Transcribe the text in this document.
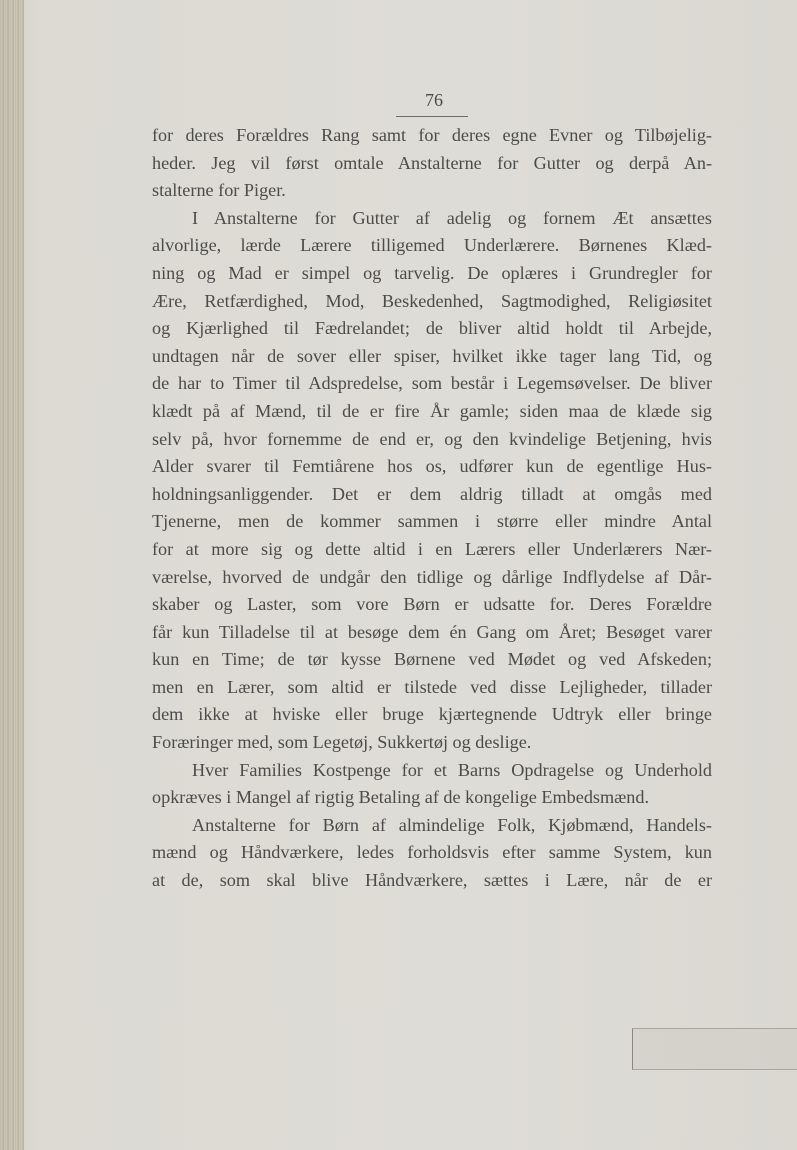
76
for deres Forældres Rang samt for deres egne Evner og Tilbøjelig-
heder. Jeg vil først omtale Anstalterne for Gutter og derpå An-
stalterne for Piger.
I Anstalterne for Gutter af adelig og fornem Æt ansættes
alvorlige, lærde Lærere tilligemed Underlærere. Børnenes Klæd-
ning og Mad er simpel og tarvelig. De oplæres i Grundregler for
Ære, Retfærdighed, Mod, Beskedenhed, Sagtmodighed, Religiøsitet
og Kjærlighed til Fædrelandet; de bliver altid holdt til Arbejde,
undtagen når de sover eller spiser, hvilket ikke tager lang Tid, og
de har to Timer til Adspredelse, som består i Legemsøvelser. De bliver
klædt på af Mænd, til de er fire År gamle; siden maa de klæde sig
selv på, hvor fornemme de end er, og den kvindelige Betjening, hvis
Alder svarer til Femtiårene hos os, udfører kun de egentlige Hus-
holdningsanliggender. Det er dem aldrig tilladt at omgås med
Tjenerne, men de kommer sammen i større eller mindre Antal
for at more sig og dette altid i en Lærers eller Underlærers Nær-
værelse, hvorved de undgår den tidlige og dårlige Indflydelse af Dår-
skaber og Laster, som vore Børn er udsatte for. Deres Forældre
får kun Tilladelse til at besøge dem én Gang om Året; Besøget varer
kun en Time; de tør kysse Børnene ved Mødet og ved Afskeden;
men en Lærer, som altid er tilstede ved disse Lejligheder, tillader
dem ikke at hviske eller bruge kjærtegnende Udtryk eller bringe
Foræringer med, som Legetøj, Sukkertøj og deslige.
Hver Families Kostpenge for et Barns Opdragelse og Underhold
opkræves i Mangel af rigtig Betaling af de kongelige Embedsmænd.
Anstalterne for Børn af almindelige Folk, Kjøbmænd, Handels-
mænd og Håndværkere, ledes forholdsvis efter samme System, kun
at de, som skal blive Håndværkere, sættes i Lære, når de er
